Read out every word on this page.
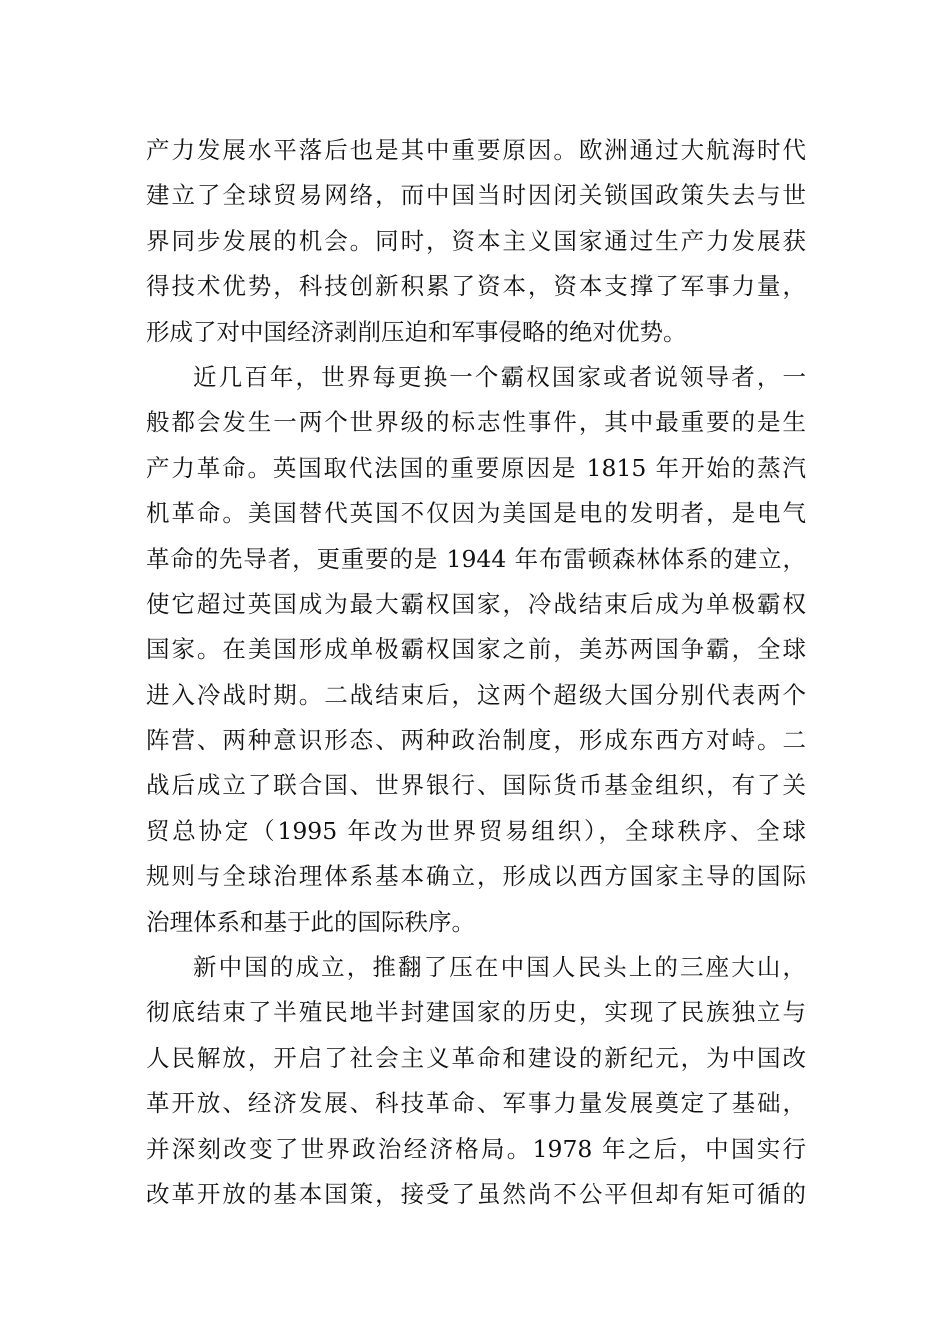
产力发展水平落后也是其中重要原因。欧洲通过大航海时代
建立了全球贸易网络，而中国当时因闭关锁国政策失去与世
界同步发展的机会。同时，资本主义国家通过生产力发展获
得技术优势，科技创新积累了资本，资本支撑了军事力量，
形成了对中国经济剥削压迫和军事侵略的绝对优势。
近几百年，世界每更换一个霸权国家或者说领导者，一
般都会发生一两个世界级的标志性事件，其中最重要的是生
产力革命。英国取代法国的重要原因是 1815 年开始的蒸汽
机革命。美国替代英国不仅因为美国是电的发明者，是电气
革命的先导者，更重要的是 1944 年布雷顿森林体系的建立，
使它超过英国成为最大霸权国家，冷战结束后成为单极霸权
国家。在美国形成单极霸权国家之前，美苏两国争霸，全球
进入冷战时期。二战结束后，这两个超级大国分别代表两个
阵营、两种意识形态、两种政治制度，形成东西方对峙。二
战后成立了联合国、世界银行、国际货币基金组织，有了关
贸总协定（1995 年改为世界贸易组织），全球秩序、全球
规则与全球治理体系基本确立，形成以西方国家主导的国际
治理体系和基于此的国际秩序。
新中国的成立，推翻了压在中国人民头上的三座大山，
彻底结束了半殖民地半封建国家的历史，实现了民族独立与
人民解放，开启了社会主义革命和建设的新纪元，为中国改
革开放、经济发展、科技革命、军事力量发展奠定了基础，
并深刻改变了世界政治经济格局。1978 年之后，中国实行
改革开放的基本国策，接受了虽然尚不公平但却有矩可循的
